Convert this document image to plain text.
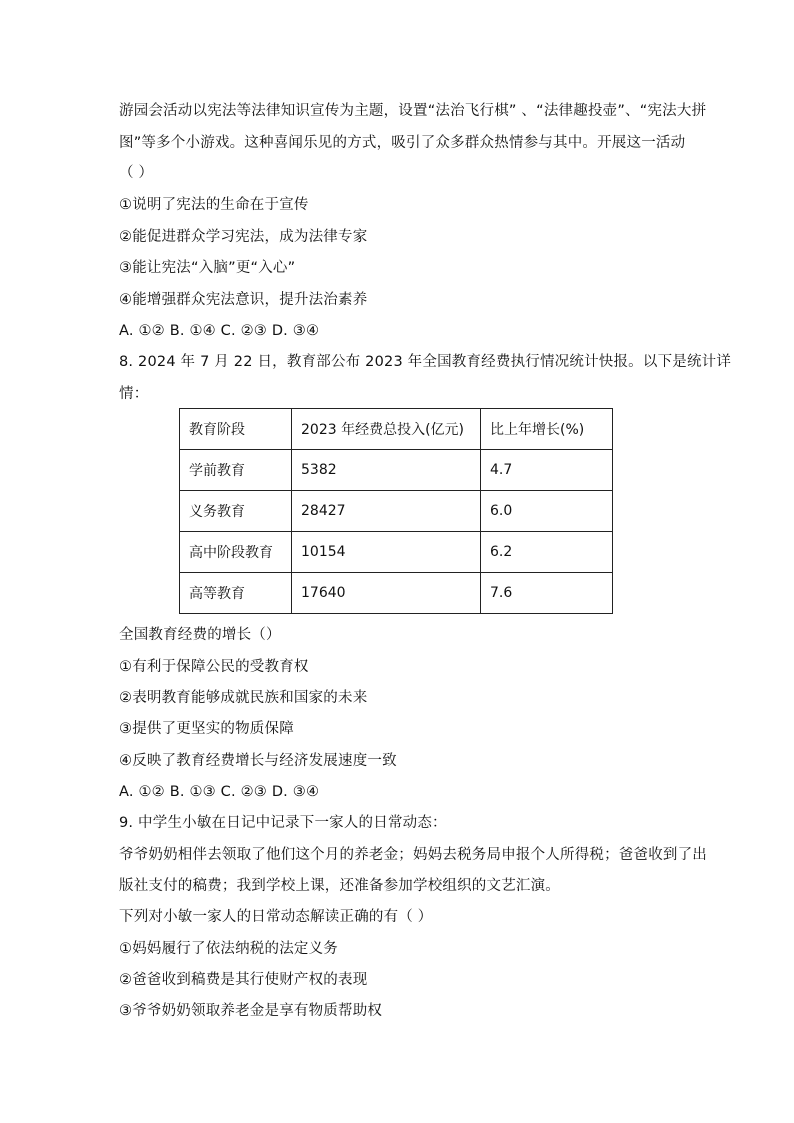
游园会活动以宪法等法律知识宣传为主题，设置“法治飞行棋” 、“法律趣投壶”、“宪法大拼
图”等多个小游戏。这种喜闻乐见的方式，吸引了众多群众热情参与其中。开展这一活动
（ ）
①说明了宪法的生命在于宣传
②能促进群众学习宪法，成为法律专家
③能让宪法“入脑”更“入心”
④能增强群众宪法意识，提升法治素养
A. ①② B. ①④ C. ②③ D. ③④
8. 2024 年 7 月 22 日，教育部公布 2023 年全国教育经费执行情况统计快报。以下是统计详
情：
教育阶段	2023 年经费总投入(亿元)	比上年增长(%)
学前教育	5382	4.7
义务教育	28427	6.0
高中阶段教育	10154	6.2
高等教育	17640	7.6
全国教育经费的增长（）
①有利于保障公民的受教育权
②表明教育能够成就民族和国家的未来
③提供了更坚实的物质保障
④反映了教育经费增长与经济发展速度一致
A. ①② B. ①③ C. ②③ D. ③④
9. 中学生小敏在日记中记录下一家人的日常动态：
爷爷奶奶相伴去领取了他们这个月的养老金；妈妈去税务局申报个人所得税；爸爸收到了出
版社支付的稿费；我到学校上课，还准备参加学校组织的文艺汇演。
下列对小敏一家人的日常动态解读正确的有（ ）
①妈妈履行了依法纳税的法定义务
②爸爸收到稿费是其行使财产权的表现
③爷爷奶奶领取养老金是享有物质帮助权
